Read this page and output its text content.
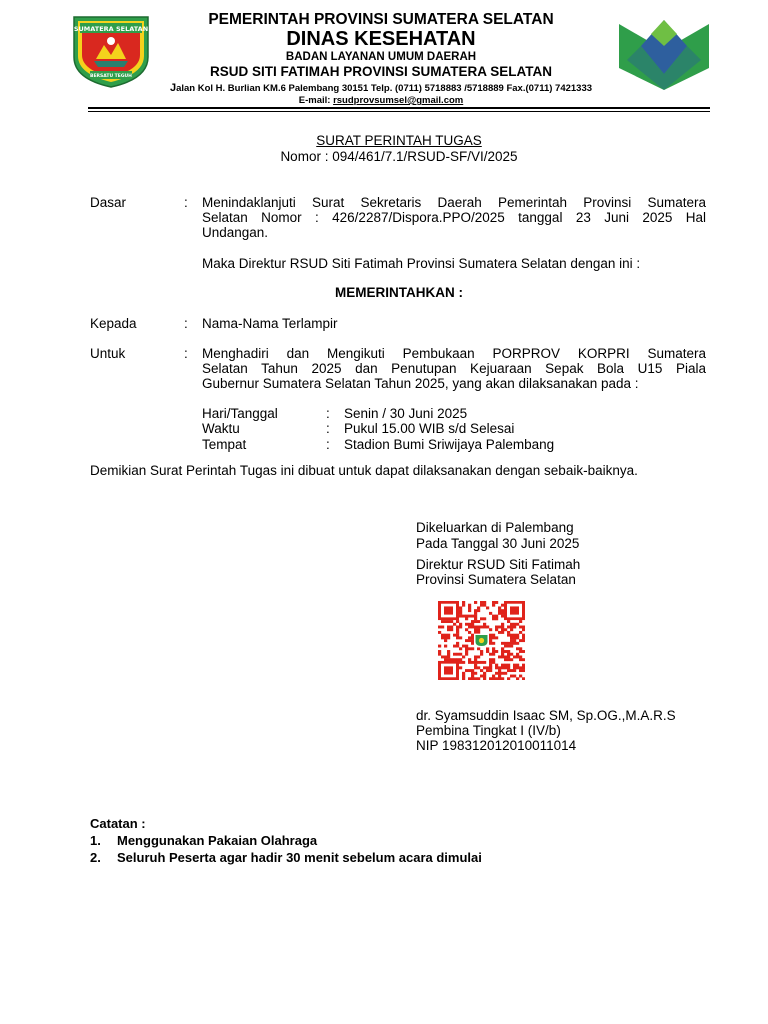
SUMATERA SELATAN
BERSATU TEGUH
PEMERINTAH PROVINSI SUMATERA SELATAN
DINAS KESEHATAN
BADAN LAYANAN UMUM DAERAH
RSUD SITI FATIMAH PROVINSI SUMATERA SELATAN
Jalan Kol H. Burlian KM.6 Palembang 30151 Telp. (0711) 5718883 /5718889 Fax.(0711) 7421333
E-mail: rsudprovsumsel@gmail.com
SURAT PERINTAH TUGAS
Nomor : 094/461/7.1/RSUD-SF/VI/2025
Dasar	: Menindaklanjuti Surat Sekretaris Daerah Pemerintah Provinsi Sumatera
Selatan Nomor : 426/2287/Dispora.PPO/2025 tanggal 23 Juni 2025 Hal
Undangan.
Maka Direktur RSUD Siti Fatimah Provinsi Sumatera Selatan dengan ini :
MEMERINTAHKAN :
Kepada	: Nama-Nama Terlampir
Untuk	: Menghadiri dan Mengikuti Pembukaan PORPROV KORPRI Sumatera
Selatan Tahun 2025 dan Penutupan Kejuaraan Sepak Bola U15 Piala
Gubernur Sumatera Selatan Tahun 2025, yang akan dilaksanakan pada :
Hari/Tanggal	: Senin / 30 Juni 2025
Waktu	: Pukul 15.00 WIB s/d Selesai
Tempat	: Stadion Bumi Sriwijaya Palembang
Demikian Surat Perintah Tugas ini dibuat untuk dapat dilaksanakan dengan sebaik-baiknya.
Dikeluarkan di Palembang
Pada Tanggal 30 Juni 2025
Direktur RSUD Siti Fatimah
Provinsi Sumatera Selatan
dr. Syamsuddin Isaac SM, Sp.OG.,M.A.R.S
Pembina Tingkat I (IV/b)
NIP 198312012010011014
Catatan :
1. Menggunakan Pakaian Olahraga
2. Seluruh Peserta agar hadir 30 menit sebelum acara dimulai
